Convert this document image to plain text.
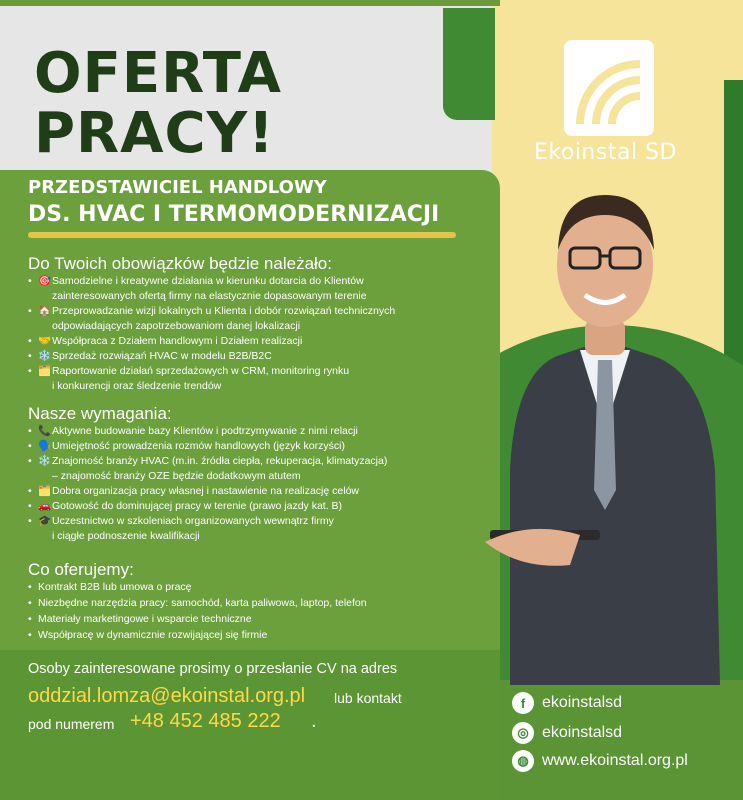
OFERTA
PRACY!
PRZEDSTAWICIEL HANDLOWY
DS. HVAC I TERMOMODERNIZACJI
Do Twoich obowiązków będzie należało:
• 🎯Samodzielne i kreatywne działania w kierunku dotarcia do Klientów
zainteresowanych ofertą firmy na elastycznie dopasowanym terenie
• 🏠Przeprowadzanie wizji lokalnych u Klienta i dobór rozwiązań technicznych
odpowiadających zapotrzebowaniom danej lokalizacji
• 🤝Współpraca z Działem handlowym i Działem realizacji
• ❄️Sprzedaż rozwiązań HVAC w modelu B2B/B2C
• 🗂️Raportowanie działań sprzedażowych w CRM, monitoring rynku
i konkurencji oraz śledzenie trendów
Nasze wymagania:
• 📞Aktywne budowanie bazy Klientów i podtrzymywanie z nimi relacji
• 🗣️Umiejętność prowadzenia rozmów handlowych (język korzyści)
• ❄️Znajomość branży HVAC (m.in. źródła ciepła, rekuperacja, klimatyzacja)
– znajomość branży OZE będzie dodatkowym atutem
• 🗂️Dobra organizacja pracy własnej i nastawienie na realizację celów
• 🚗Gotowość do dominującej pracy w terenie (prawo jazdy kat. B)
• 🎓Uczestnictwo w szkoleniach organizowanych wewnątrz firmy
i ciągłe podnoszenie kwalifikacji
Co oferujemy:
• Kontrakt B2B lub umowa o pracę
• Niezbędne narzędzia pracy: samochód, karta paliwowa, laptop, telefon
• Materiały marketingowe i wsparcie techniczne
• Współpracę w dynamicznie rozwijającej się firmie
Osoby zainteresowane prosimy o przesłanie CV na adres
oddzial.lomza@ekoinstal.org.pl lub kontakt
pod numerem +48 452 485 222 .
Ekoinstal SD
f	ekoinstalsd
◎ ekoinstalsd
◍ www.ekoinstal.org.pl
